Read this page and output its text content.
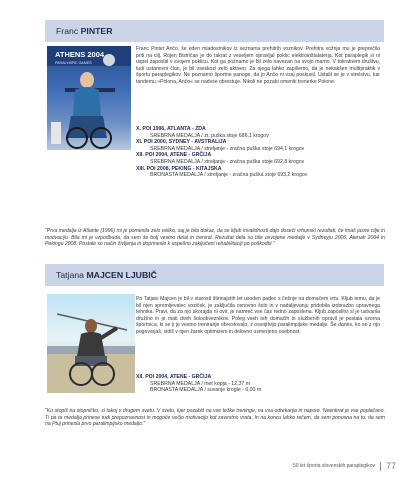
Franc PINTER
ATHENS 2004
PARALYMPIC GAMES

Franc Pinter Ančo, še eden mladostnikov iz seznama prehitrih voznikov. Prehitra vožnja mu je preprečila priti na cilj. Rojen Bistričan je do takrat z veseljem opravljal poklic elektroinštalaterja. Kot paraplegik si ni uspel zaposliti v svojem poklicu. Kot ga poznamo je bil zelo navezan na svojo mamo. V tokratnem društvu, tudi ustanovni član, je bil vseskozi zelo aktiven. Za njega lahko zapišemo, da je nekakšen multipraktik v športu paraplegikov. Ne poznamo športne panoge, da jo Ančo ni vsaj poskusil. Ustalil se je v strelstvu, kar tandemu »Polona, Ančo« se nadvse obrestuje. Nikoli ne pozabi omeniti trenerke Polone.

X. POI 1996, ATLANTA - ZDA
SREBRNA MEDALJA / zr. puška stoje 686,1 krogov
XI. POI 2000, SYDNEY - AVSTRALIJA
SREBRNA MEDALJA / streljanje - zračna puška stoje 694,1 krogov
XII. POI 2004, ATENE - GRČIJA
SREBRNA MEDALJA / streljanje - zračna puška stoje 692,8 krogov
XIII. POI 2008, PEKING - KITAJSKA
BRONASTA MEDALJA / streljanje - zračna puška stoje 693,2 krogov
"Prva medalja iz Atlante (1996) mi je pomenila zelo veliko, saj je bila dokaz, da se kljub invalidnosti dajo doseči vrhunski rezultati, če imaš jasne cilje in motivacijo. Bila mi je vzpodbuda, da sem še bolj vestno delal in treniral. Rezultat dela so bile osvojene medalje v Sydneyju 2000, Atenah 2004 in Pekingu 2008. Postale so način življenja in doprinesle k uspešno zaključeni rehabilitaciji po poškodbi."
Tatjana MAJCEN LJUBIČ

Pri Tatjani Majcen je bil v starosti štirinajstih let usoden padec s češnje na domačem vrtu. Kljub temu, da je bil njen spremljevalec voziček, je zaključila osnovno šolo in v nadaljevanju pridobila izobrazbo upravnega tehnika. Pravi, da za njo skorajda ni ovir, je namreč vse čas redno zaposlena. Kljub zaposlitvi si je ustvarila družino in je mati dveh šoloobveznikov. Poleg vseh teh domačih in službenih opravil je postala vzorna športnica, ki se ji je vestno treniranje obrestovalo, z osvojitvijo paralimpijske medalje. Še danes, ko se z njo pogovarjaš, vidiš v njen žarek optimizem in delovno usmerjeno osebnost.

XII. POI 2004, ATENE - GRČIJA
SREBRNA MEDALJA / met kopja - 12,37 m
BRONASTA MEDALJA / suvanje krogle - 6,00 m
"Ko stopiš na stopničko, si takoj v drugem svetu. V svetu, kjer pozabiš na vse težke treninge, na vsa odrekanja in napore. Neenkrat je vse poplačano. Ti pa ta medalja prinese tudi prepoznavnost in mogoče večjo motivacijo kot zavestno vrata. In na koncu lahko rečem, da sem ponosna na to, da sem na Ptuj prinesla prvo paralimpijsko medaljo."
50 let športa slovenskih paraplegikov 77
